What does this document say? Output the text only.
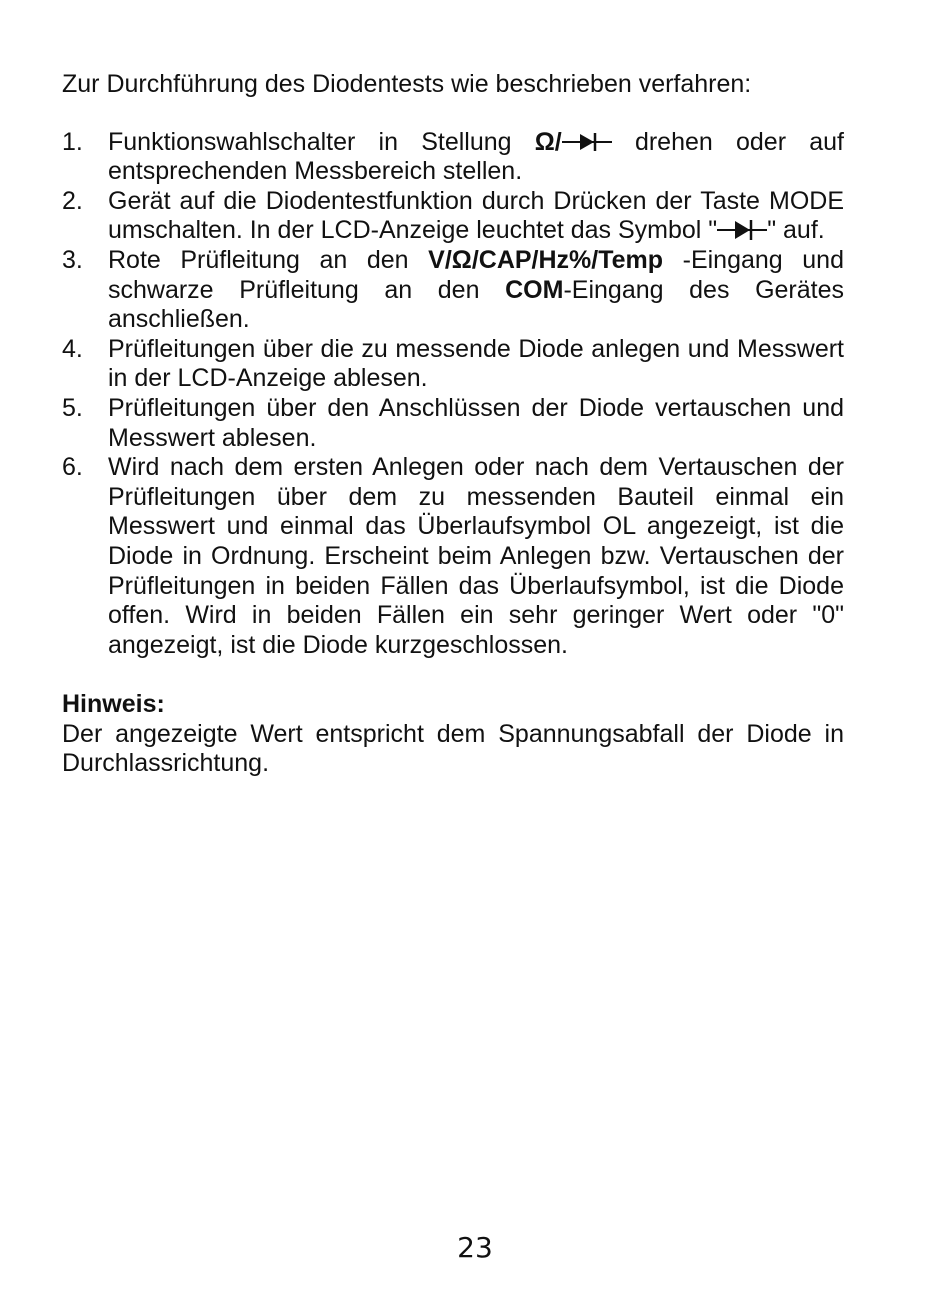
Zur Durchführung des Diodentests wie beschrieben verfahren:

1. Funktionswahlschalter in Stellung Ω/ drehen oder auf entsprechenden Messbereich stellen.
2. Gerät auf die Diodentestfunktion durch Drücken der Taste MODE umschalten. In der LCD-Anzeige leuchtet das Symbol " " auf.
3. Rote Prüfleitung an den V/Ω/CAP/Hz%/Temp -Eingang und schwarze Prüfleitung an den COM-Eingang des Gerätes anschließen.
4. Prüfleitungen über die zu messende Diode anlegen und Messwert in der LCD-Anzeige ablesen.
5. Prüfleitungen über den Anschlüssen der Diode vertauschen und Messwert ablesen.
6. Wird nach dem ersten Anlegen oder nach dem Vertauschen der Prüfleitungen über dem zu messenden Bauteil einmal ein Messwert und einmal das Überlaufsymbol OL angezeigt, ist die Diode in Ordnung. Erscheint beim Anlegen bzw. Vertauschen der Prüfleitungen in beiden Fällen das Überlaufsymbol, ist die Diode offen. Wird in beiden Fällen ein sehr geringer Wert oder "0" angezeigt, ist die Diode kurzgeschlossen.

Hinweis:

Der angezeigte Wert entspricht dem Spannungsabfall der Diode in Durchlassrichtung.

23
